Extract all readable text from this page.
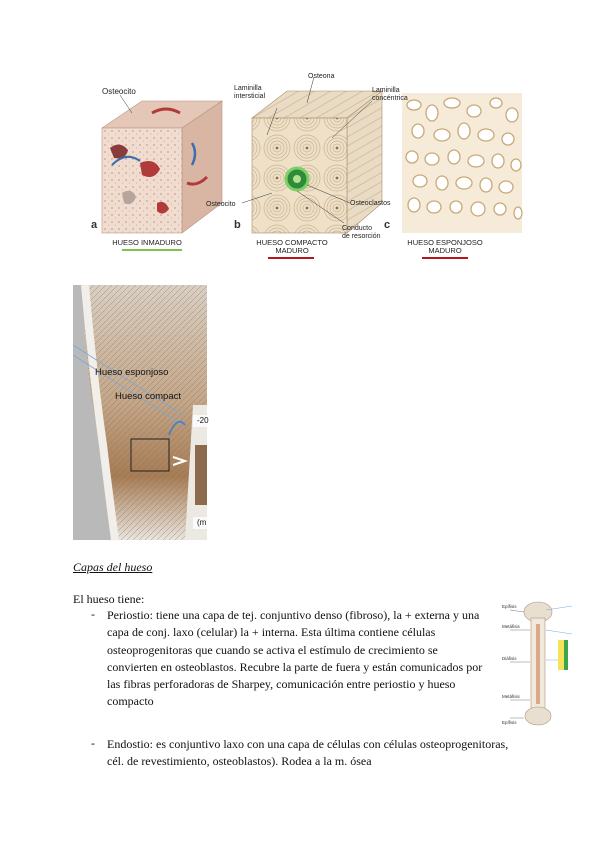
Osteocito
Osteona
Laminilla
intersticial
Laminilla
concéntrica
Osteocito	Osteoclastos
Conducto
de resorción
a	b	c
HUESO INMADURO	HUESO COMPACTO
MADURO
HUESO ESPONJOSO
MADURO
Hueso esponjoso
Hueso compact
-20
(m
Capas del hueso
El hueso tiene:
- Periostio: tiene una capa de tej. conjuntivo denso (fibroso), la + externa y una
capa de conj. laxo (celular) la + interna. Esta última contiene células
osteoprogenitoras que cuando se activa el estímulo de crecimiento se
convierten en osteoblastos. Recubre la parte de fuera y están comunicados por
las fibras perforadoras de Sharpey, comunicación entre periostio y hueso
compacto
Epífisis
Metáfisis
Diáfisis
Metáfisis
Epífisis
- Endostio: es conjuntivo laxo con una capa de células con células osteoprogenitoras,
cél. de revestimiento, osteoblastos). Rodea a la m. ósea
